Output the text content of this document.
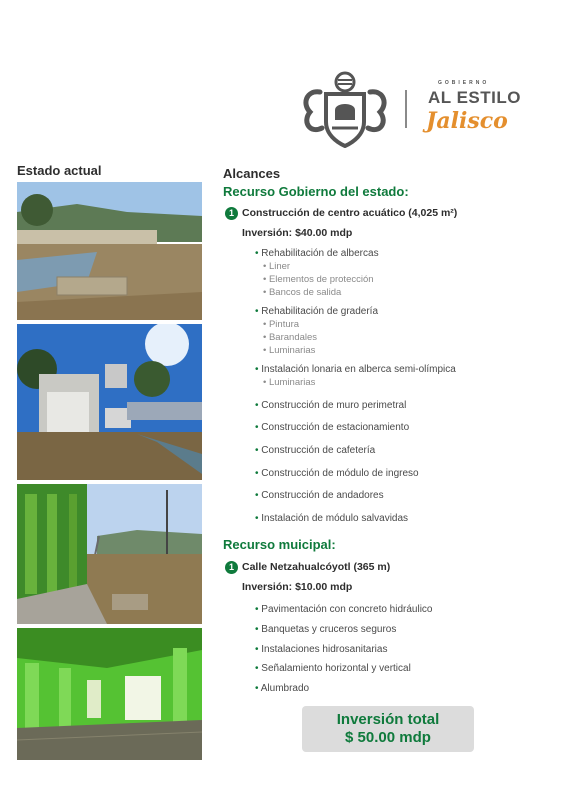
GOBIERNO
AL ESTILO
Jalisco
Estado actual	Alcances
Recurso Gobierno del estado:
1 Construcción de centro acuático (4,025 m²)
Inversión: $40.00 mdp
• Rehabilitación de albercas
• Liner
• Elementos de protección
• Bancos de salida
• Rehabilitación de gradería
• Pintura
• Barandales
• Luminarias
• Instalación lonaria en alberca semi-olímpica
• Luminarias
• Construcción de muro perimetral
• Construcción de estacionamiento
• Construcción de cafetería
• Construcción de módulo de ingreso
• Construcción de andadores
• Instalación de módulo salvavidas
Recurso muicipal:
1 Calle Netzahualcóyotl (365 m)
Inversión: $10.00 mdp
• Pavimentación con concreto hidráulico
• Banquetas y cruceros seguros
• Instalaciones hidrosanitarias
• Señalamiento horizontal y vertical
• Alumbrado
Inversión total
$ 50.00 mdp
